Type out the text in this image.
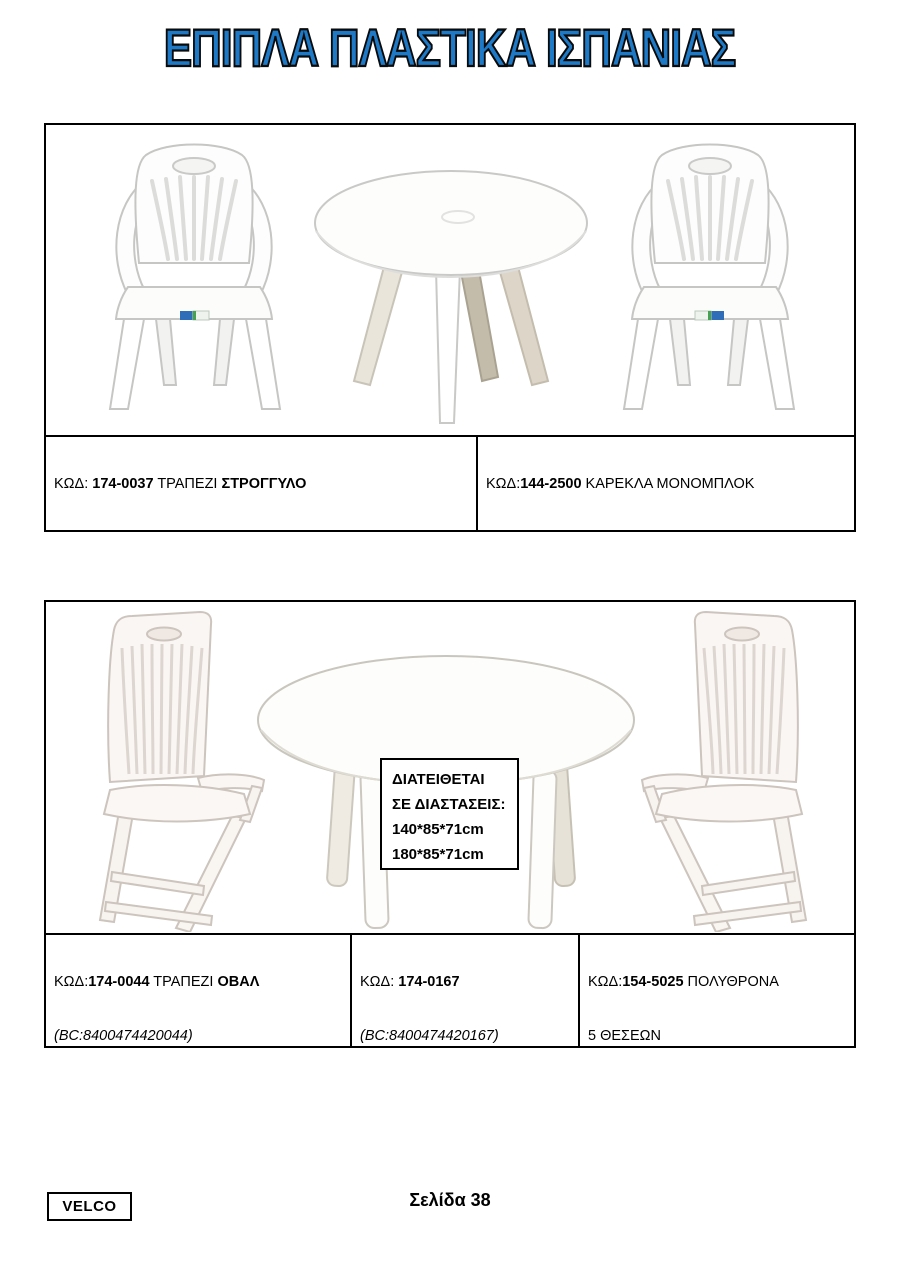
ΕΠΙΠΛΑ ΠΛΑΣΤΙΚΑ ΙΣΠΑΝΙΑΣ

ΚΩΔ: 174-0037 ΤΡΑΠΕΖΙ ΣΤΡΟΓΓΥΛΟ

	ΚΩΔ:144-2500 ΚΑΡΕΚΛΑ ΜΟΝΟΜΠΛΟΚ

ΔΙΑΤΕΙΘΕΤΑΙ
ΣΕ ΔΙΑΣΤΑΣΕΙΣ:
140*85*71cm
180*85*71cm

ΚΩΔ:174-0044 ΤΡΑΠΕΖΙ ΟΒΑΛ

(BC:8400474420044)

ΚΩΔ: 174-0167

(BC:8400474420167)

ΚΩΔ:154-5025 ΠΟΛΥΘΡΟΝΑ

5 ΘΕΣΕΩΝ

VELCO	Σελίδα 38
